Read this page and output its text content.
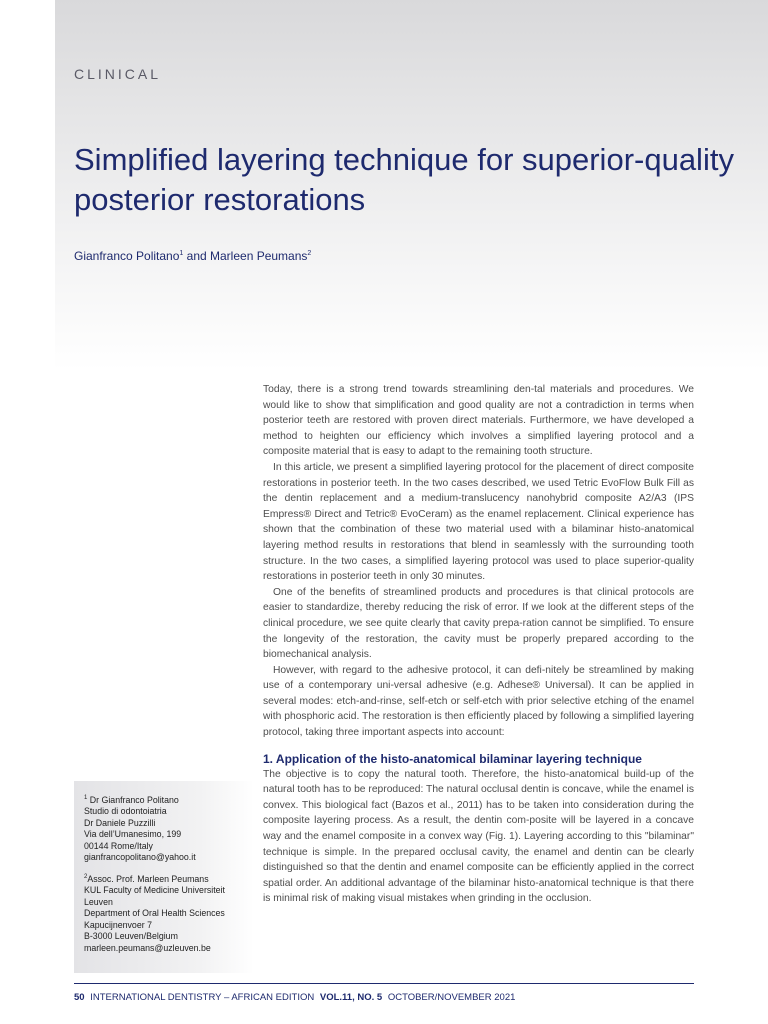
CLINICAL
Simplified layering technique for superior-quality posterior restorations
Gianfranco Politano$^1$ and Marleen Peumans$^2$

Today, there is a strong trend towards streamlining den-tal materials and procedures. We would like to show that simplification and good quality are not a contradiction in terms when posterior teeth are restored with proven direct materials. Furthermore, we have developed a method to heighten our efficiency which involves a simplified layering protocol and a composite material that is easy to adapt to the remaining tooth structure.

In this article, we present a simplified layering protocol for the placement of direct composite restorations in posterior teeth. In the two cases described, we used Tetric EvoFlow Bulk Fill as the dentin replacement and a medium-translucency nanohybrid composite A2/A3 (IPS Empress® Direct and Tetric® EvoCeram) as the enamel replacement. Clinical experience has shown that the combination of these two material used with a bilaminar histo-anatomical layering method results in restorations that blend in seamlessly with the surrounding tooth structure. In the two cases, a simplified layering protocol was used to place superior-quality restorations in posterior teeth in only 30 minutes.

One of the benefits of streamlined products and procedures is that clinical protocols are easier to standardize, thereby reducing the risk of error. If we look at the different steps of the clinical procedure, we see quite clearly that cavity prepa-ration cannot be simplified. To ensure the longevity of the restoration, the cavity must be properly prepared according to the biomechanical analysis.

However, with regard to the adhesive protocol, it can defi-nitely be streamlined by making use of a contemporary uni-versal adhesive (e.g. Adhese® Universal). It can be applied in several modes: etch-and-rinse, self-etch or self-etch with prior selective etching of the enamel with phosphoric acid. The restoration is then efficiently placed by following a simplified layering protocol, taking three important aspects into account:

1. Application of the histo-anatomical bilaminar layering technique

The objective is to copy the natural tooth. Therefore, the histo-anatomical build-up of the natural tooth has to be reproduced: The natural occlusal dentin is concave, while the enamel is convex. This biological fact (Bazos et al., 2011) has to be taken into consideration during the composite layering process. As a result, the dentin com-posite will be layered in a concave way and the enamel composite in a convex way (Fig. 1). Layering according to this "bilaminar" technique is simple. In the prepared occlusal cavity, the enamel and dentin can be clearly distinguished so that the dentin and enamel composite can be efficiently applied in the correct spatial order. An additional advantage of the bilaminar histo-anatomical technique is that there is minimal risk of making visual mistakes when grinding in the occlusion.

$^1$ Dr Gianfranco Politano
Studio di odontoiatria
Dr Daniele Puzzilli
Via dell’Umanesimo, 199
00144 Rome/Italy
gianfrancopolitano@yahoo.it
$^2$Assoc. Prof. Marleen Peumans
KUL Faculty of Medicine Universiteit
Leuven
Department of Oral Health Sciences
Kapucijnenvoer 7
B-3000 Leuven/Belgium
marleen.peumans@uzleuven.be
50 INTERNATIONAL DENTISTRY – AFRICAN EDITION VOL.11, NO. 5 OCTOBER/NOVEMBER 2021
